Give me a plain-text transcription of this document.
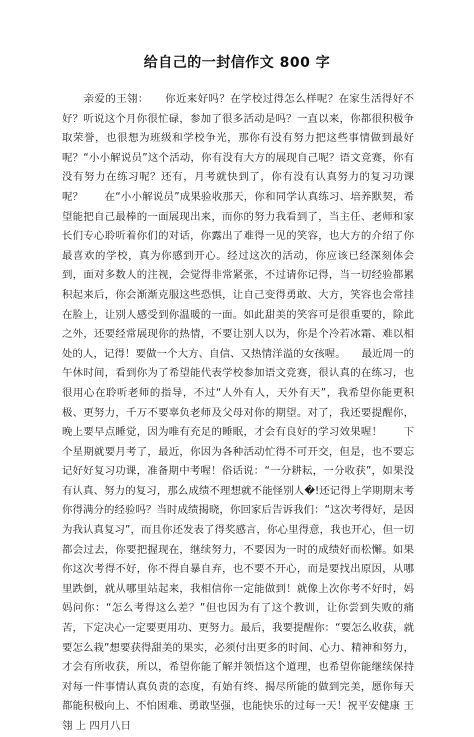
给自己的一封信作文 800 字

　　亲爱的王翎：　　你近来好吗？在学校过得怎么样呢？在家生活得好不好？听说这个月你很忙碌，参加了很多活动是吗？一直以来，你都很积极争取荣誉，也很想为班级和学校争光，那你有没有努力把这些事情做到最好呢？“小小解说员”这个活动，你有没有大方的展现自己呢？语文竞赛，你有没有努力在练习呢？还有，月考就快到了，你有没有认真努力的复习功课呢？　　在“小小解说员”成果验收那天，你和同学认真练习、培养默契，希望能把自己最棒的一面展现出来，而你的努力我看到了，当主任、老师和家长们专心聆听着你们的对话，你露出了难得一见的笑容，也大方的介绍了你最喜欢的学校，真为你感到开心。经过这次的活动，你应该已经深刻体会到，面对多数人的注视，会觉得非常紧张，不过请你记得，当一切经验都累积起来后，你会渐渐克服这些恐惧，让自己变得勇敢、大方，笑容也会常挂在脸上，让别人感受到你温暖的一面。如此甜美的笑容可是很重要的，除此之外，还要经常展现你的热情，不要让别人以为，你是个冷若冰霜、难以相处的人，记得！要做一个大方、自信、又热情洋溢的女孩喔。　　最近周一的午休时间，看到你为了希望能代表学校参加语文竞赛，很认真的在练习，也很用心在聆听老师的指导，不过“人外有人，天外有天”，我希望你能更积极、更努力，千万不要辜负老师及父母对你的期望。对了，我还要提醒你，晚上要早点睡觉，因为唯有充足的睡眠，才会有良好的学习效果喔！　　下个星期就要月考了，最近，你因为各种活动忙得不可开交，但是，也不要忘记好好复习功课，准备期中考喔！俗话说：“一分耕耘，一分收获”，如果没有认真、努力的复习，那么成绩不理想就不能怪别人�!还记得上学期期末考你得满分的经验吗？当时成绩揭晓，你回家后告诉我们：“这次考得好，是因为我认真复习”，而且你还发表了得奖感言，你心里得意，我也开心，但一切都会过去，你要把握现在，继续努力，不要因为一时的成绩好而松懈。如果你这次考得不好，你不得自暴自弃，也不要不开心，而是要找出原因，从哪里跌倒，就从哪里站起来，我相信你一定能做到！就像上次你考不好时，妈妈问你：“怎么考得这么差？”但也因为有了这个教训，让你尝到失败的痛苦，下定决心一定要更用功、更努力。最后，我要提醒你：“要怎么收获，就要怎么栽”想要获得甜美的果实，必须付出更多的时间、心力、精神和努力，才会有所收获，所以，希望你能了解并领悟这个道理，也希望你能继续保持对每一件事情认真负责的态度，有始有终、揭尽所能的做到完美，愿你每天都能积极向上、不怕困难、勇敢坚强，也能快乐的过每一天！祝平安健康 王翎 上 四月八日
